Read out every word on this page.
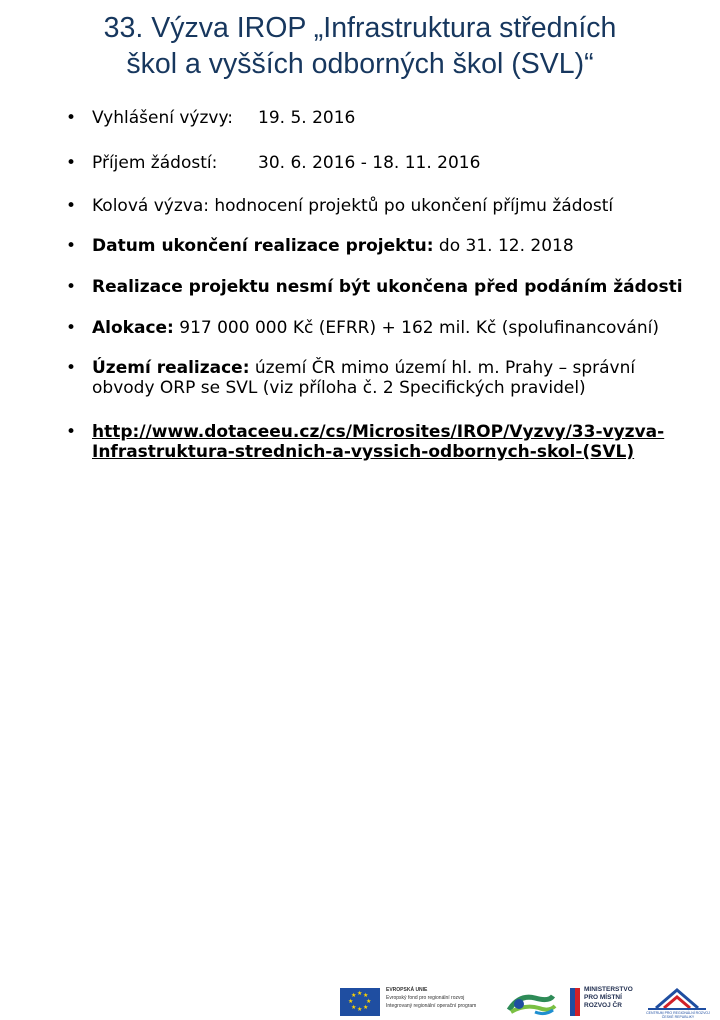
33. Výzva IROP „Infrastruktura středních
škol a vyšších odborných škol (SVL)“
• Vyhlášení výzvy: 19. 5. 2016
• Příjem žádostí: 30. 6. 2016 - 18. 11. 2016
• Kolová výzva: hodnocení projektů po ukončení příjmu žádostí
• Datum ukončení realizace projektu: do 31. 12. 2018
• Realizace projektu nesmí být ukončena před podáním žádosti
• Alokace: 917 000 000 Kč (EFRR) + 162 mil. Kč (spolufinancování)
• Území realizace: území ČR mimo území hl. m. Prahy – správní
obvody ORP se SVL (viz příloha č. 2 Specifických pravidel)
• http://www.dotaceeu.cz/cs/Microsites/IROP/Vyzvy/33-vyzva-
Infrastruktura-strednich-a-vyssich-odbornych-skol-(SVL)
★ ★
★
★
★
★
★
★
EVROPSKÁ UNIE
Evropský fond pro regionální rozvoj
Integrovaný regionální operační program
MINISTERSTVO
PRO MÍSTNÍ
ROZVOJ ČR
CENTRUM PRO REGIONÁLNÍ ROZVOJ
ČESKÉ REPUBLIKY
